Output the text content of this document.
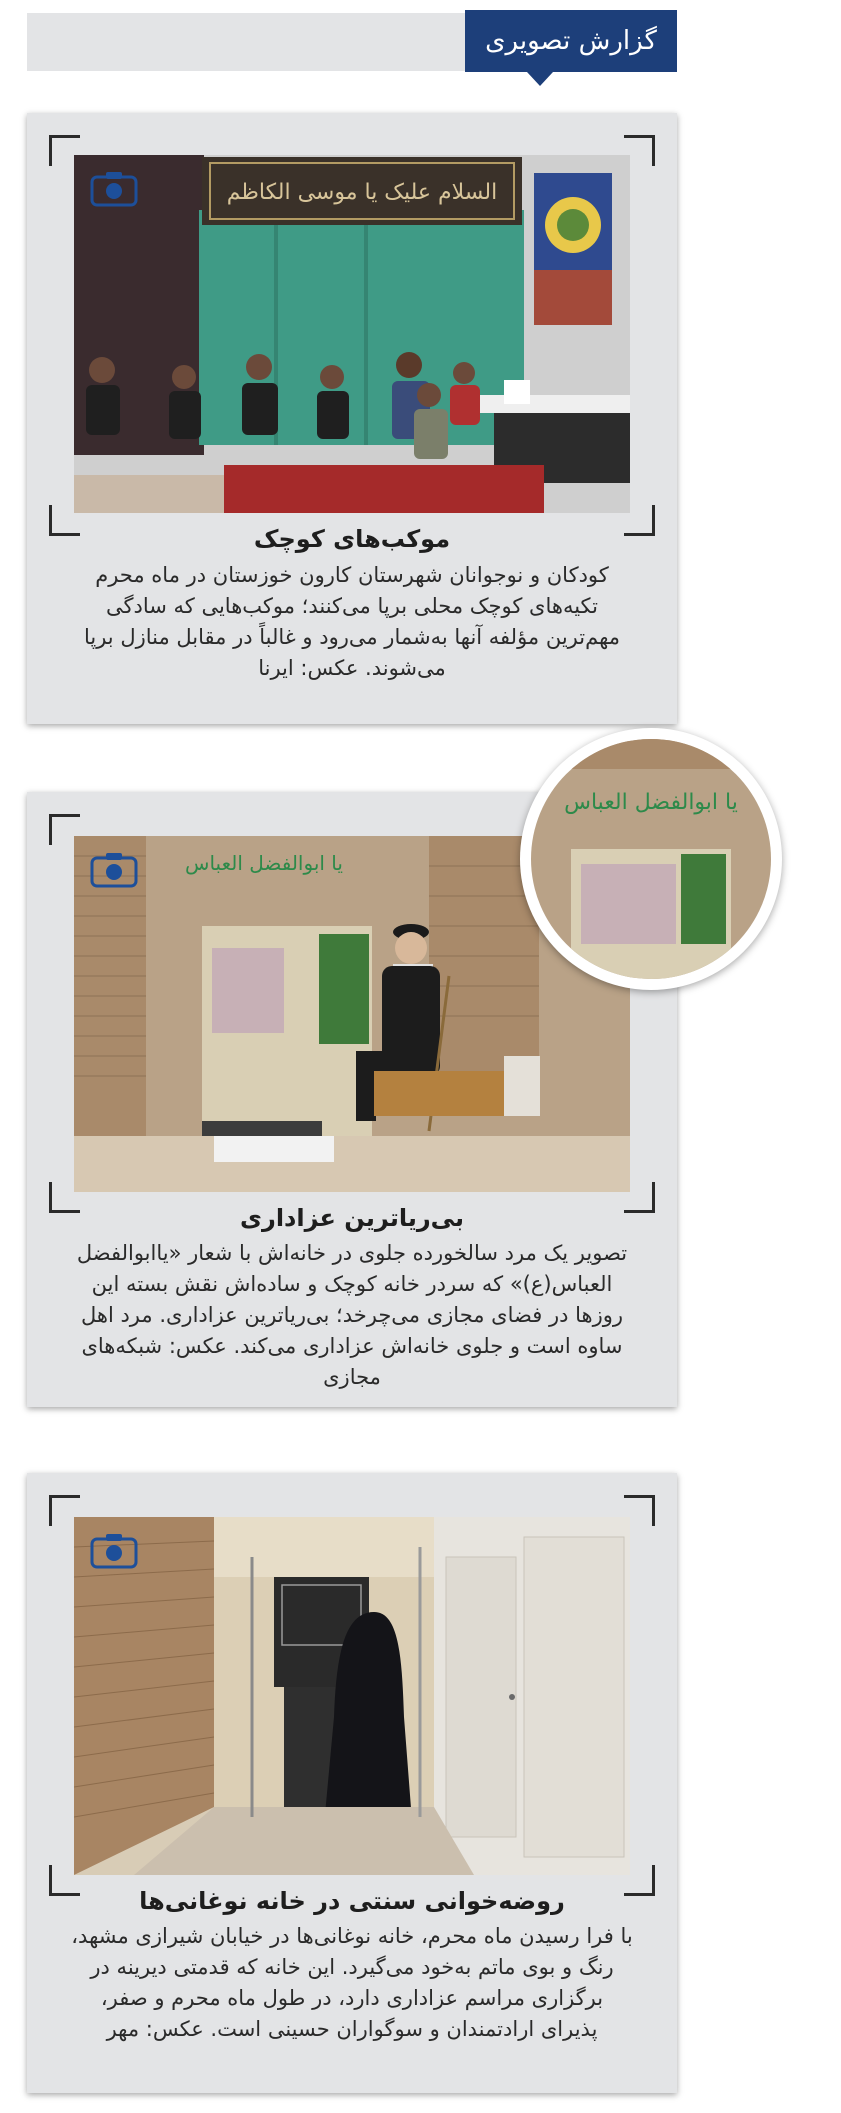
گزارش تصویری
السلام علیک یا موسی الکاظم
موکب‌های کوچک
کودکان و نوجوانان شهرستان کارون خوزستان در ماه محرم تکیه‌های کوچک محلی برپا می‌کنند؛ موکب‌هایی که سادگی مهم‌ترین مؤلفه آنها به‌شمار می‌رود و غالباً در مقابل منازل برپا می‌شوند. عکس: ایرنا
یا ابوالفضل العباس
بی‌ریاترین عزاداری
تصویر یک مرد سالخورده جلوی در خانه‌اش با شعار «یاابوالفضل العباس(ع)» که سردر خانه کوچک و ساده‌اش نقش بسته این روزها در فضای مجازی می‌چرخد؛ بی‌ریاترین عزاداری. مرد اهل ساوه است و جلوی خانه‌اش عزاداری می‌کند. عکس: شبکه‌های مجازی
یا ابوالفضل العباس
روضه‌خوانی سنتی در خانه نوغانی‌ها
با فرا رسیدن ماه محرم، خانه نوغانی‌ها در خیابان شیرازی مشهد، رنگ و بوی ماتم به‌خود می‌گیرد. این خانه که قدمتی دیرینه در برگزاری مراسم عزاداری دارد، در طول ماه محرم و صفر، پذیرای ارادتمندان و سوگواران حسینی است. عکس: مهر
